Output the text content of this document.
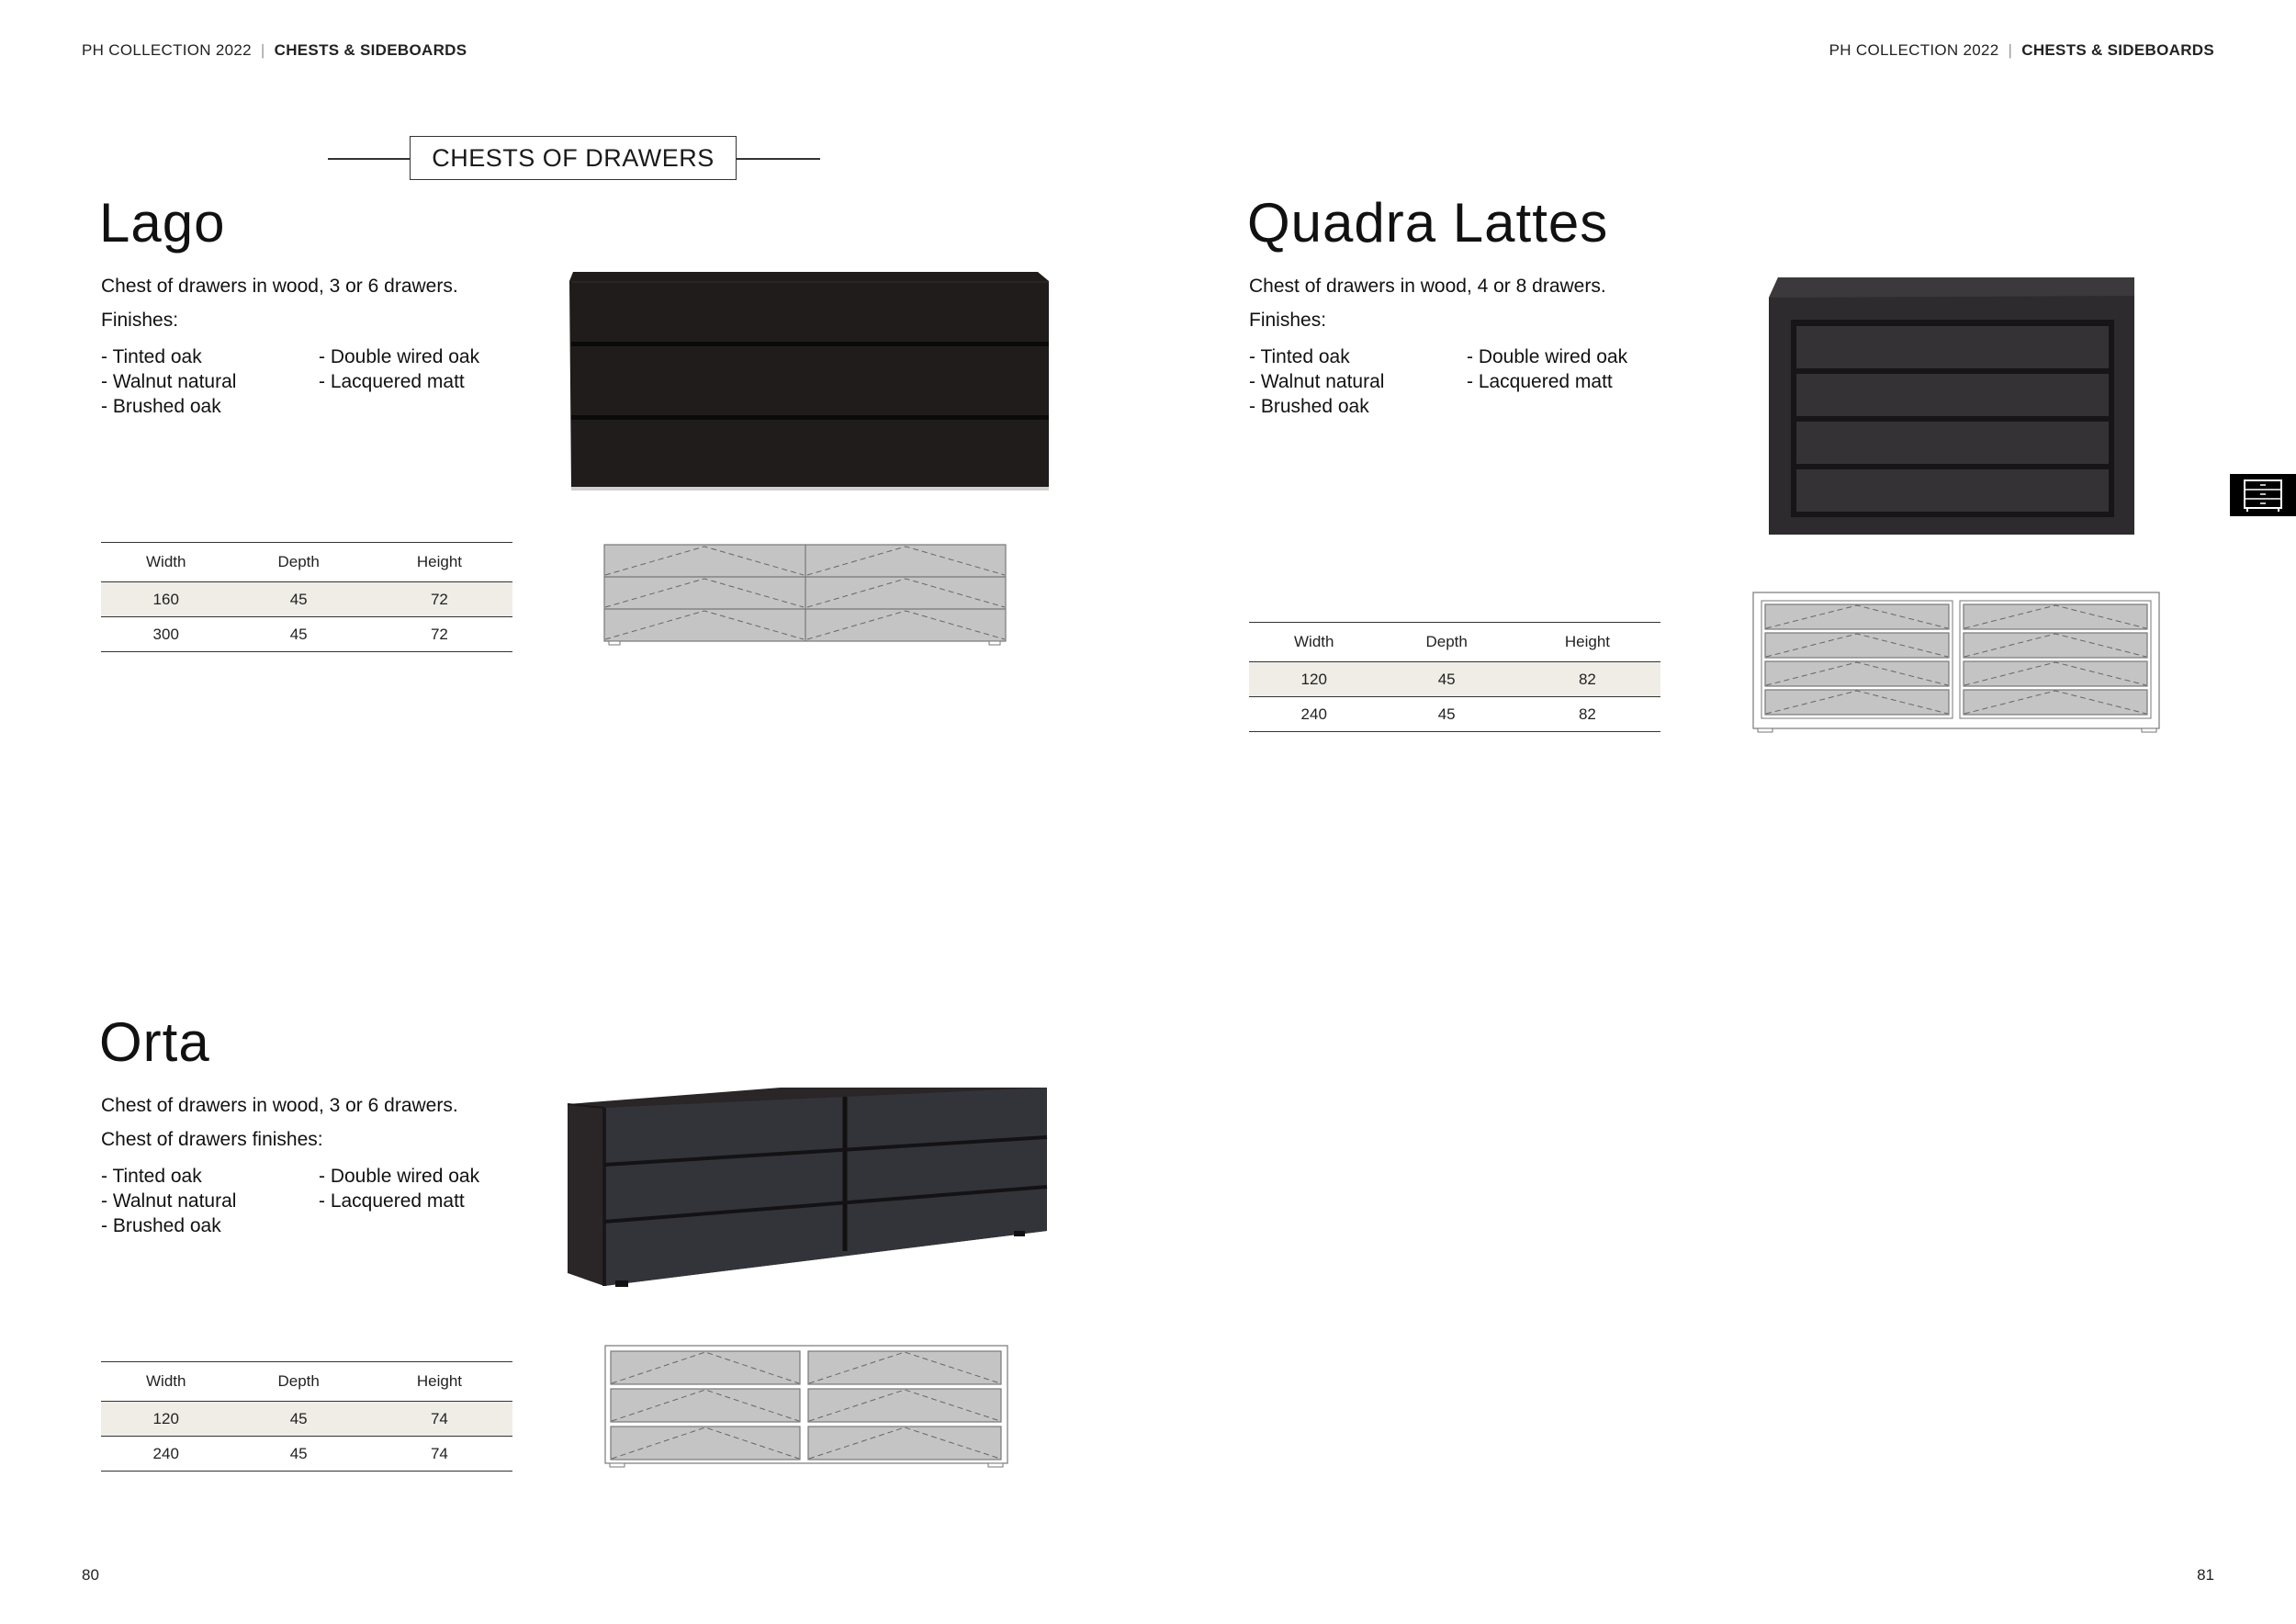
PH COLLECTION 2022 | CHESTS & SIDEBOARDS	PH COLLECTION 2022 | CHESTS & SIDEBOARDS
CHESTS OF DRAWERS
Lago
Chest of drawers in wood, 3 or 6 drawers.
Finishes:
- Tinted oak
- Walnut natural
- Brushed oak
- Double wired oak
- Lacquered matt
Width	Depth	Height
160	45	72
300	45	72
Quadra Lattes
Chest of drawers in wood, 4 or 8 drawers.
Finishes:
- Tinted oak
- Walnut natural
- Brushed oak
- Double wired oak
- Lacquered matt
Width	Depth	Height
120	45	82
240	45	82
Orta
Chest of drawers in wood, 3 or 6 drawers.
Chest of drawers finishes:
- Tinted oak
- Walnut natural
- Brushed oak
- Double wired oak
- Lacquered matt
Width	Depth	Height
120	45	74
240	45	74
80	81
